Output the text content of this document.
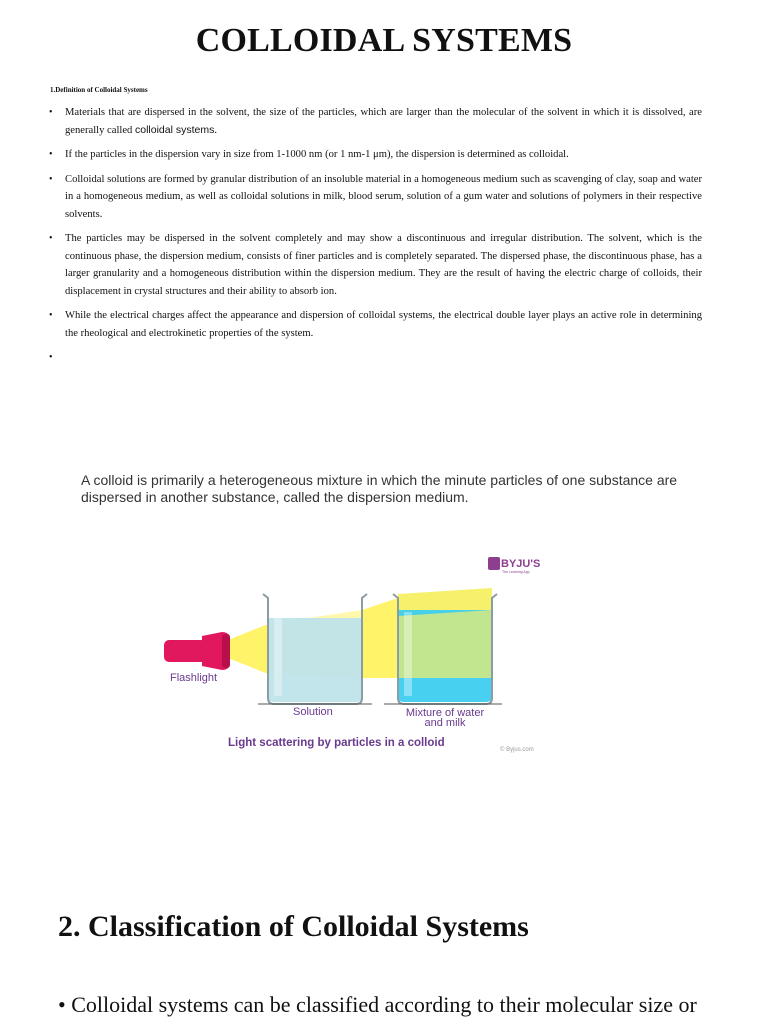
COLLOIDAL SYSTEMS
1.Definition of Colloidal Systems
• Materials that are dispersed in the solvent, the size of the particles, which are larger than the molecular of the solvent in which it is dissolved, are generally called colloidal systems.
• If the particles in the dispersion vary in size from 1-1000 nm (or 1 nm-1 μm), the dispersion is determined as colloidal.
• Colloidal solutions are formed by granular distribution of an insoluble material in a homogeneous medium such as scavenging of clay, soap and water in a homogeneous medium, as well as colloidal solutions in milk, blood serum, solution of a gum water and solutions of polymers in their respective solvents.
• The particles may be dispersed in the solvent completely and may show a discontinuous and irregular distribution. The solvent, which is the continuous phase, the dispersion medium, consists of finer particles and is completely separated. The dispersed phase, the discontinuous phase, has a larger granularity and a homogeneous distribution within the dispersion medium. They are the result of having the electric charge of colloids, their displacement in crystal structures and their ability to absorb ion.
• While the electrical charges affect the appearance and dispersion of colloidal systems, the electrical double layer plays an active role in determining the rheological and electrokinetic properties of the system.
•
A colloid is primarily a heterogeneous mixture in which the minute particles of one substance are dispersed in another substance, called the dispersion medium.
BYJU'S
The Learning App
Flashlight
Solution	Mixture of water
and milk
Light scattering by particles in a colloid
© Byjus.com
2. Classification of Colloidal Systems
• Colloidal systems can be classified according to their molecular size or
